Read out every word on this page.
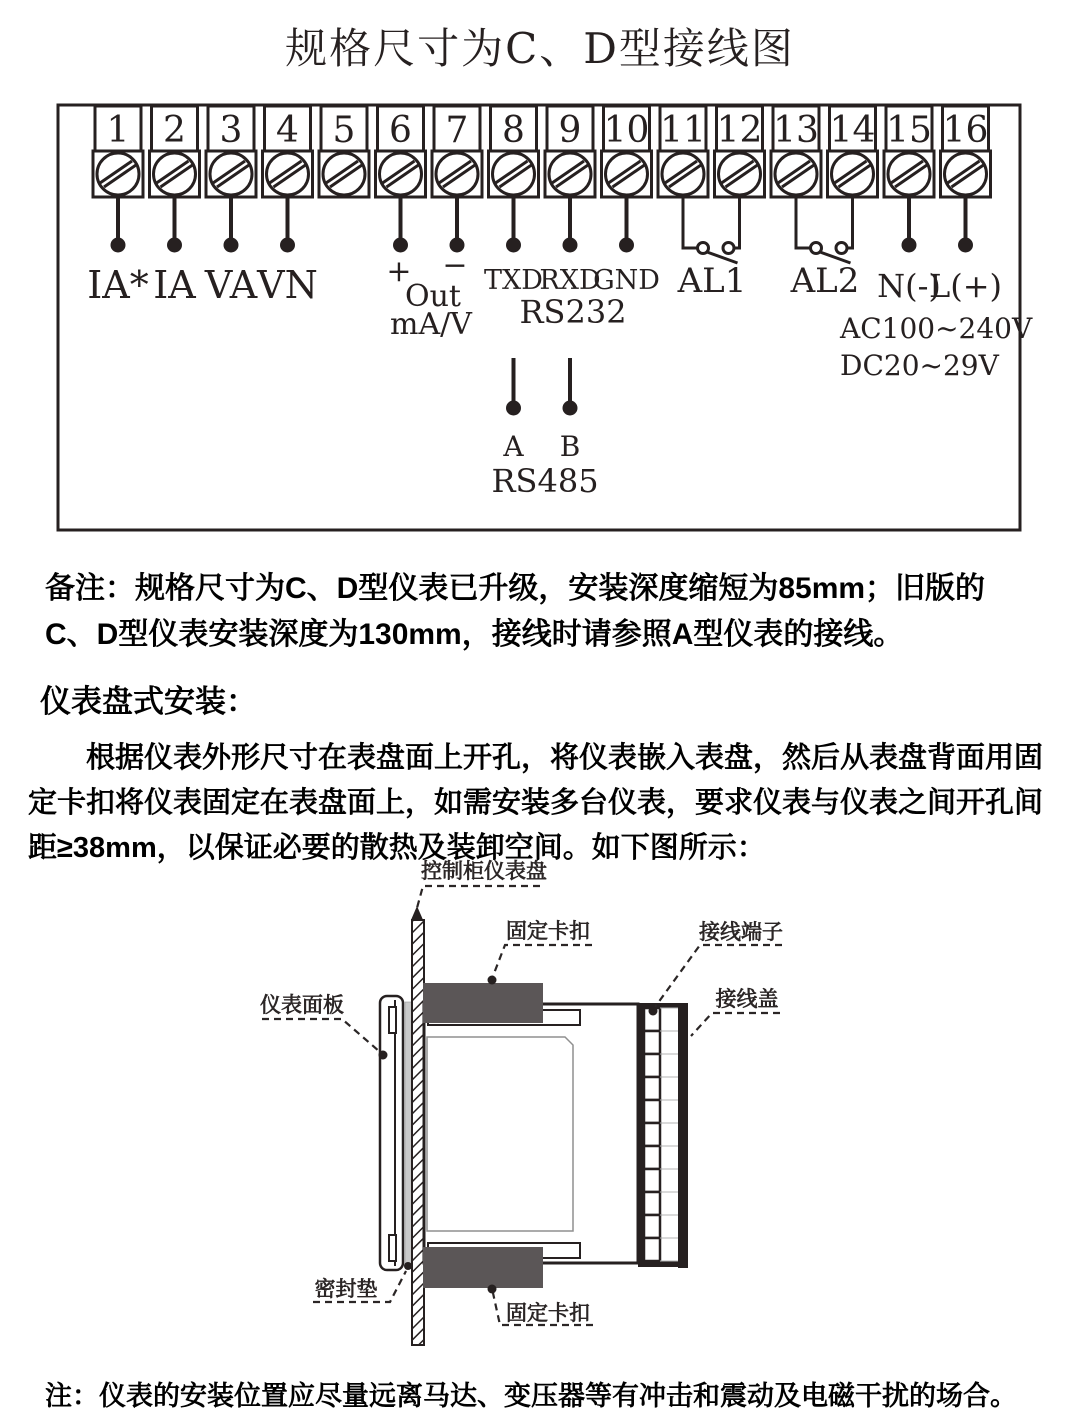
规格尺寸为C、D型接线图
1 2 3 4 5 6 7 8 9 10 11 12 13 14 15 16
IA* IA VA VN + −
Out
mA/V
TXD
RXD
GND
RS232
AL1 AL2 N(-)
L(+)
AC100~240V
DC20~29V
A B
RS485

备注：规格尺寸为C、D型仪表已升级，安装深度缩短为85mm；旧版的C、D型仪表安装深度为130mm，接线时请参照A型仪表的接线。

仪表盘式安装：

根据仪表外形尺寸在表盘面上开孔，将仪表嵌入表盘，然后从表盘背面用固定卡扣将仪表固定在表盘面上，如需安装多台仪表，要求仪表与仪表之间开孔间距≥38mm，以保证必要的散热及装卸空间。如下图所示：

控制柜仪表盘
固定卡扣	接线端子
接线盖
仪表面板
密封垫
固定卡扣

注：仪表的安装位置应尽量远离马达、变压器等有冲击和震动及电磁干扰的场合。
